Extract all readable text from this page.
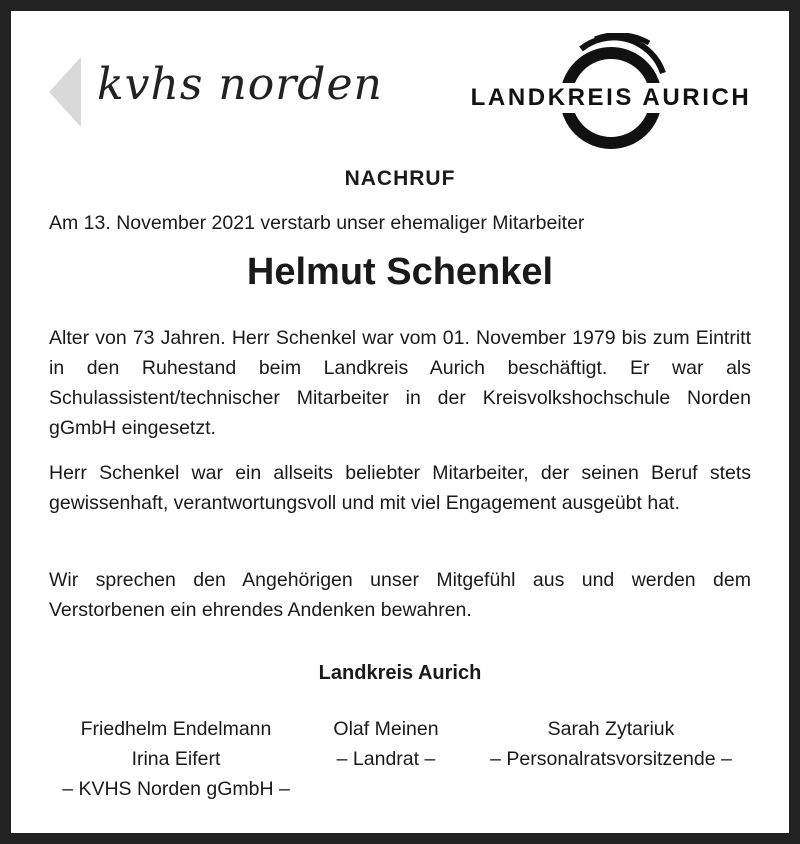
kvhs norden	LANDKREIS AURICH
NACHRUF
Am 13. November 2021 verstarb unser ehemaliger Mitarbeiter
Helmut Schenkel

Alter von 73 Jahren. Herr Schenkel war vom 01. November 1979 bis zum Eintritt in den Ruhestand beim Landkreis Aurich beschäftigt. Er war als Schulassistent/technischer Mitarbeiter in der Kreisvolkshochschule Norden gGmbH eingesetzt.

Herr Schenkel war ein allseits beliebter Mitarbeiter, der seinen Beruf stets gewissenhaft, verantwortungsvoll und mit viel Engagement ausgeübt hat.

Wir sprechen den Angehörigen unser Mitgefühl aus und werden dem Verstorbenen ein ehrendes Andenken bewahren.

Landkreis Aurich
Friedhelm Endelmann
Irina Eifert
– KVHS Norden gGmbH –
Olaf Meinen
– Landrat –
Sarah Zytariuk
– Personalratsvorsitzende –
